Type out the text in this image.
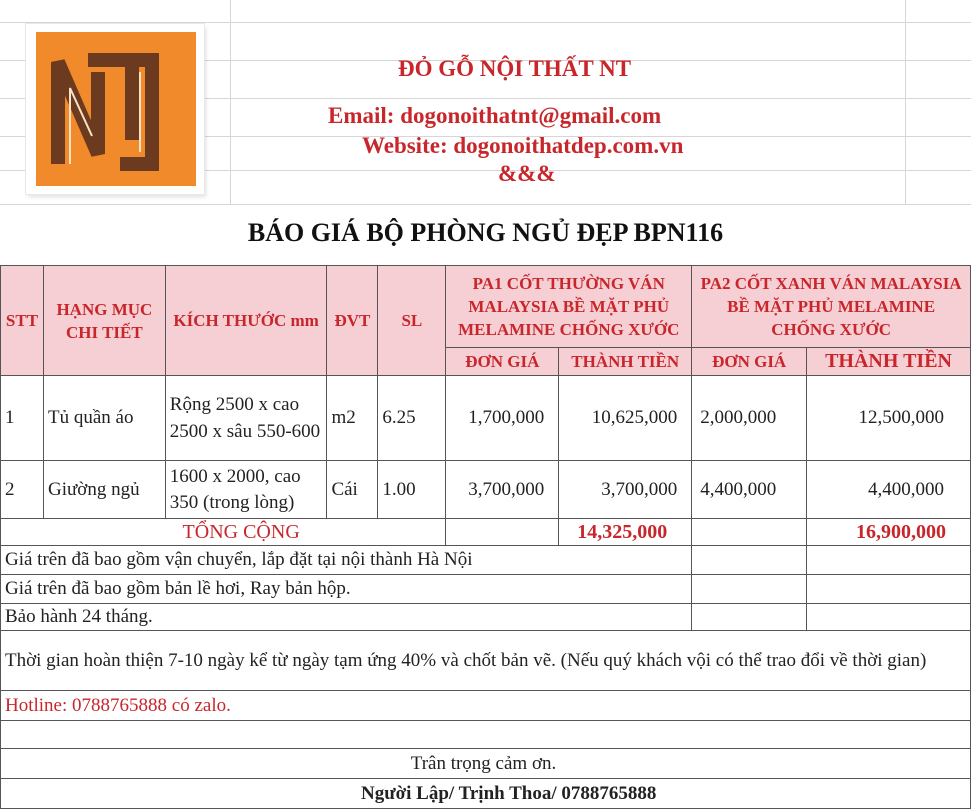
ĐỎ GỖ NỘI THẤT NT
Email: dogonoithatnt@gmail.com
Website: dogonoithatdep.com.vn
&&&
BÁO GIÁ BỘ PHÒNG NGỦ ĐẸP BPN116
STT	HẠNG MỤC CHI TIẾT	KÍCH THƯỚC mm	ĐVT	SL	PA1 CỐT THƯỜNG VÁN MALAYSIA BỀ MẶT PHỦ MELAMINE CHỐNG XƯỚC		PA2 CỐT XANH VÁN MALAYSIA BỀ MẶT PHỦ MELAMINE CHỐNG XƯỚC	
					ĐƠN GIÁ	THÀNH TIỀN	ĐƠN GIÁ	THÀNH TIỀN
1	Tủ quần áo	Rộng 2500 x cao 2500 x sâu 550-600	m2	6.25	1,700,000	10,625,000	2,000,000	12,500,000
2	Giường ngủ	1600 x 2000, cao 350 (trong lòng)	Cái	1.00	3,700,000	3,700,000	4,400,000	4,400,000
TỔNG CỘNG						14,325,000		16,900,000
Giá trên đã bao gồm vận chuyển, lắp đặt tại nội thành Hà Nội								
Giá trên đã bao gồm bản lề hơi, Ray bản hộp.								
Bảo hành 24 tháng.								
Thời gian hoàn thiện 7-10 ngày kể từ ngày tạm ứng 40% và chốt bản vẽ. (Nếu quý khách vội có thể trao đổi về thời gian)								
Hotline: 0788765888 có zalo.								

Trân trọng cảm ơn.								
Người Lập/ Trịnh Thoa/ 0788765888								
